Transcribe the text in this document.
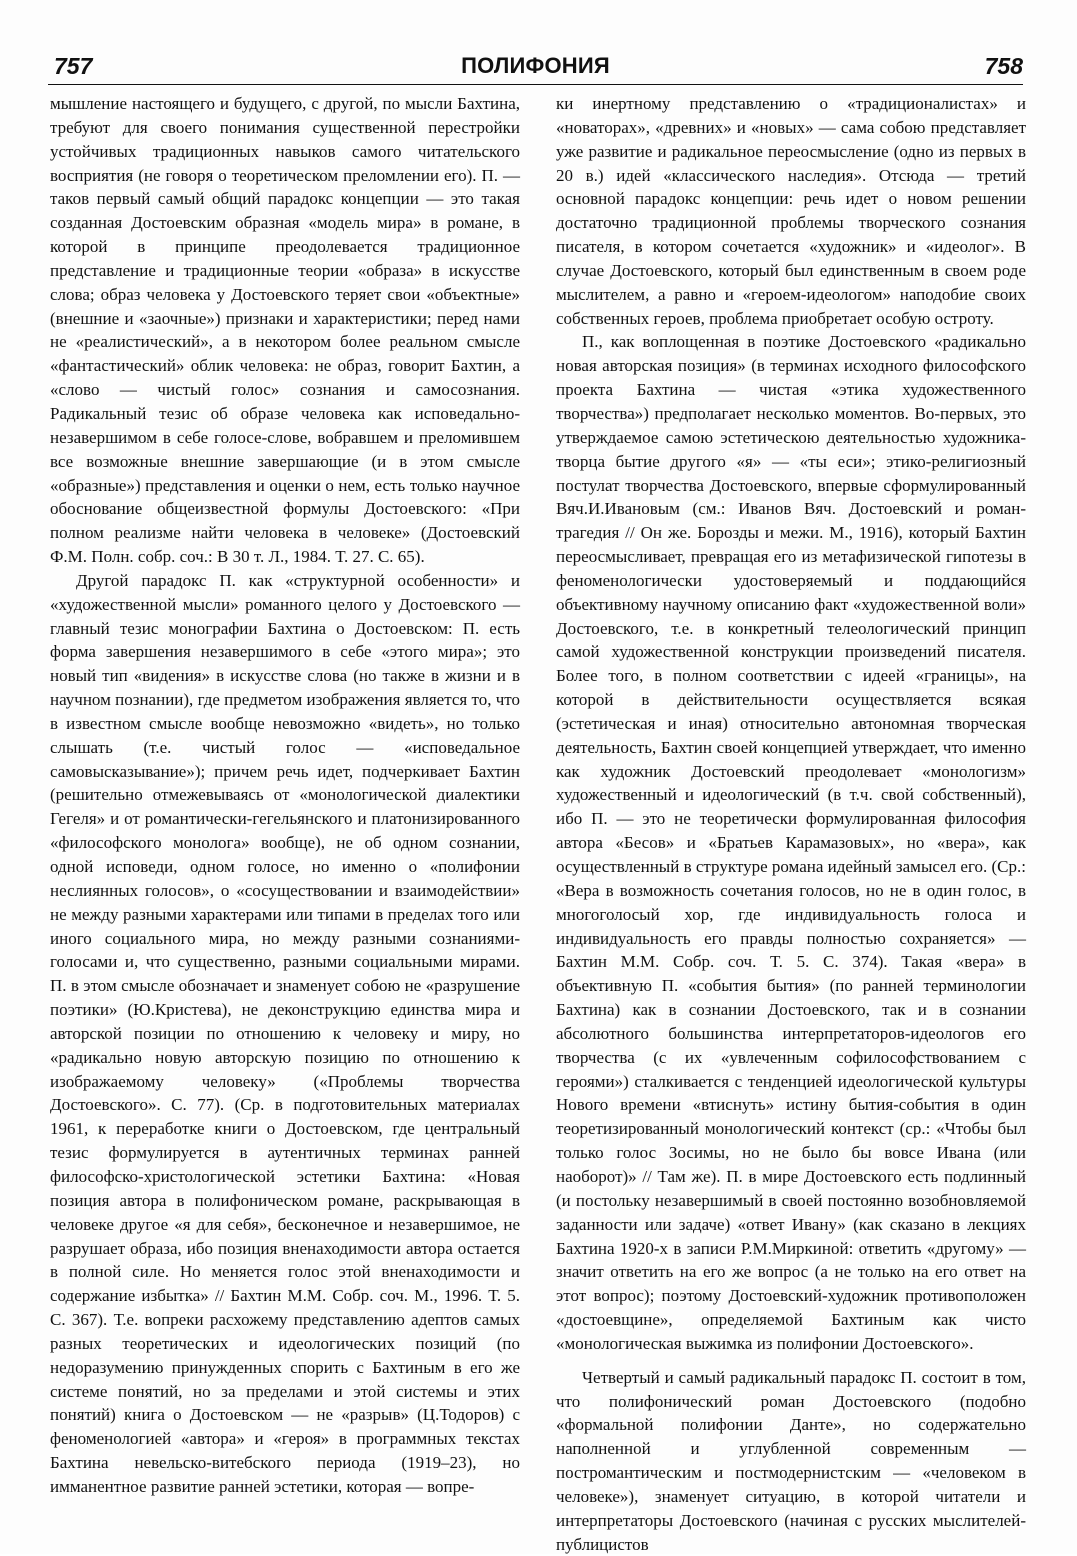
757	ПОЛИФОНИЯ	758

мышление настоящего и будущего, с другой, по мысли Бахтина, требуют для своего понимания существенной перестройки устойчивых традиционных навыков самого читательского восприятия (не говоря о теоретическом преломлении его). П. — таков первый самый общий парадокс концепции — это такая созданная Достоевским образная «модель мира» в романе, в которой в принципе преодолевается традиционное представление и традиционные теории «образа» в искусстве слова; образ человека у Достоевского теряет свои «объектные» (внешние и «заочные») признаки и характеристики; перед нами не «реалистический», а в некотором более реальном смысле «фантастический» облик человека: не образ, говорит Бахтин, а «слово — чистый голос» сознания и самосознания. Радикальный тезис об образе человека как исповедально-незавершимом в себе голосе-слове, вобравшем и преломившем все возможные внешние завершающие (и в этом смысле «образные») представления и оценки о нем, есть только научное обоснование общеизвестной формулы Достоевского: «При полном реализме найти человека в человеке» (Достоевский Ф.М. Полн. собр. соч.: В 30 т. Л., 1984. Т. 27. С. 65).

Другой парадокс П. как «структурной особенности» и «художественной мысли» романного целого у Достоевского — главный тезис монографии Бахтина о Достоевском: П. есть форма завершения незавершимого в себе «этого мира»; это новый тип «видения» в искусстве слова (но также в жизни и в научном познании), где предметом изображения является то, что в известном смысле вообще невозможно «видеть», но только слышать (т.е. чистый голос — «исповедальное самовысказывание»); причем речь идет, подчеркивает Бахтин (решительно отмежевываясь от «монологической диалектики Гегеля» и от романтически-гегельянского и платонизированного «философского монолога» вообще), не об одном сознании, одной исповеди, одном голосе, но именно о «полифонии неслиянных голосов», о «сосуществовании и взаимодействии» не между разными характерами или типами в пределах того или иного социального мира, но между разными сознаниями-голосами и, что существенно, разными социальными мирами. П. в этом смысле обозначает и знаменует собою не «разрушение поэтики» (Ю.Кристева), не деконструкцию единства мира и авторской позиции по отношению к человеку и миру, но «радикально новую авторскую позицию по отношению к изображаемому человеку» («Проблемы творчества Достоевского». С. 77). (Ср. в подготовительных материалах 1961, к переработке книги о Достоевском, где центральный тезис формулируется в аутентичных терминах ранней философско-христологической эстетики Бахтина: «Новая позиция автора в полифоническом романе, раскрывающая в человеке другое «я для себя», бесконечное и незавершимое, не разрушает образа, ибо позиция вненаходимости автора остается в полной силе. Но меняется голос этой вненаходимости и содержание избытка» // Бахтин М.М. Собр. соч. М., 1996. Т. 5. С. 367). Т.е. вопреки расхожему представлению адептов самых разных теоретических и идеологических позиций (по недоразумению принужденных спорить с Бахтиным в его же системе понятий, но за пределами и этой системы и этих понятий) книга о Достоевском — не «разрыв» (Ц.Тодоров) с феноменологией «автора» и «героя» в программных текстах Бахтина невельско-витебского периода (1919–23), но имманентное развитие ранней эстетики, которая — вопре-

ки инертному представлению о «традиционалистах» и «новаторах», «древних» и «новых» — сама собою представляет уже развитие и радикальное переосмысление (одно из первых в 20 в.) идей «классического наследия». Отсюда — третий основной парадокс концепции: речь идет о новом решении достаточно традиционной проблемы творческого сознания писателя, в котором сочетается «художник» и «идеолог». В случае Достоевского, который был единственным в своем роде мыслителем, а равно и «героем-идеологом» наподобие своих собственных героев, проблема приобретает особую остроту.

П., как воплощенная в поэтике Достоевского «радикально новая авторская позиция» (в терминах исходного философского проекта Бахтина — чистая «этика художественного творчества») предполагает несколько моментов. Во-первых, это утверждаемое самою эстетическою деятельностью художника-творца бытие другого «я» — «ты еси»; этико-религиозный постулат творчества Достоевского, впервые сформулированный Вяч.И.Ивановым (см.: Иванов Вяч. Достоевский и роман-трагедия // Он же. Борозды и межи. М., 1916), который Бахтин переосмысливает, превращая его из метафизической гипотезы в феноменологически удостоверяемый и поддающийся объективному научному описанию факт «художественной воли» Достоевского, т.е. в конкретный телеологический принцип самой художественной конструкции произведений писателя. Более того, в полном соответствии с идеей «границы», на которой в действительности осуществляется всякая (эстетическая и иная) относительно автономная творческая деятельность, Бахтин своей концепцией утверждает, что именно как художник Достоевский преодолевает «монологизм» художественный и идеологический (в т.ч. свой собственный), ибо П. — это не теоретически формулированная философия автора «Бесов» и «Братьев Карамазовых», но «вера», как осуществленный в структуре романа идейный замысел его. (Ср.: «Вера в возможность сочетания голосов, но не в один голос, в многоголосый хор, где индивидуальность голоса и индивидуальность его правды полностью сохраняется» — Бахтин М.М. Собр. соч. Т. 5. С. 374). Такая «вера» в объективную П. «события бытия» (по ранней терминологии Бахтина) как в сознании Достоевского, так и в сознании абсолютного большинства интерпретаторов-идеологов его творчества (с их «увлеченным софилософствованием с героями») сталкивается с тенденцией идеологической культуры Нового времени «втиснуть» истину бытия-события в один теоретизированный монологический контекст (ср.: «Чтобы был только голос Зосимы, но не было бы вовсе Ивана (или наоборот)» // Там же). П. в мире Достоевского есть подлинный (и постольку незавершимый в своей постоянно возобновляемой заданности или задаче) «ответ Ивану» (как сказано в лекциях Бахтина 1920-х в записи Р.М.Миркиной: ответить «другому» — значит ответить на его же вопрос (а не только на его ответ на этот вопрос); поэтому Достоевский-художник противоположен «достоевщине», определяемой Бахтиным как чисто «монологическая выжимка из полифонии Достоевского».

Четвертый и самый радикальный парадокс П. состоит в том, что полифонический роман Достоевского (подобно «формальной полифонии Данте», но содержательно наполненной и углубленной современным — постромантическим и постмодернистским — «человеком в человеке»), знаменует ситуацию, в которой читатели и интерпретаторы Достоевского (начиная с русских мыслителей-публицистов
